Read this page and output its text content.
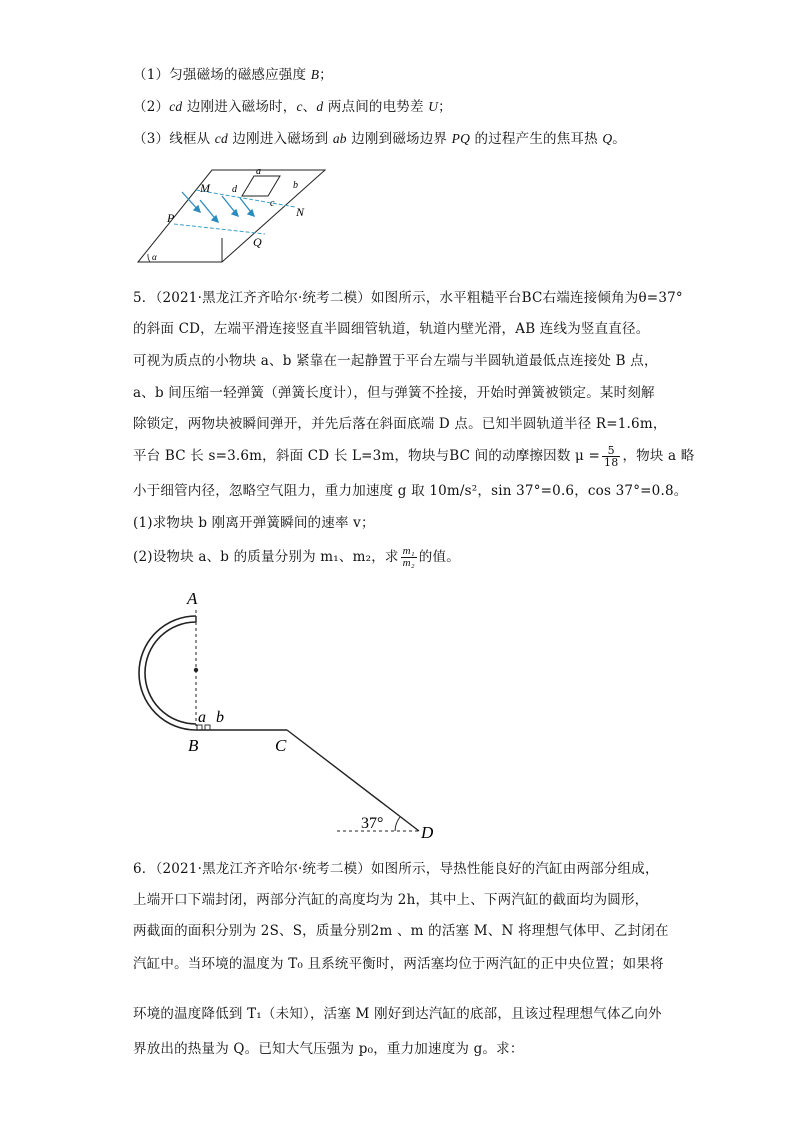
（1）匀强磁场的磁感应强度 B；
（2）cd 边刚进入磁场时，c、d 两点间的电势差 U；
（3）线框从 cd 边刚进入磁场到 ab 边刚到磁场边界 PQ 的过程产生的焦耳热 Q。
M
N
P
Q
a
b
c
d
α
5．（2021·黑龙江齐齐哈尔·统考二模）如图所示，水平粗糙平台BC右端连接倾角为θ=37°
的斜面 CD，左端平滑连接竖直半圆细管轨道，轨道内壁光滑，AB 连线为竖直直径。
可视为质点的小物块 a、b 紧靠在一起静置于平台左端与半圆轨道最低点连接处 B 点，
a、b 间压缩一轻弹簧（弹簧长度计），但与弹簧不拴接，开始时弹簧被锁定。某时刻解
除锁定，两物块被瞬间弹开，并先后落在斜面底端 D 点。已知半圆轨道半径 R=1.6m，
平台 BC 长 s=3.6m，斜面 CD 长 L=3m，物块与BC 间的动摩擦因数 $\mu = \frac{5}{18}$ ，物块 a 略
小于细管内径，忽略空气阻力，重力加速度 g 取 10m/s²，sin 37°=0.6，cos 37°=0.8。
(1)求物块 b 刚离开弹簧瞬间的速率 v；
(2)设物块 a、b 的质量分别为 m₁、m₂，求 $\frac{\text{m₁}}{\text{m₂}}$ 的值。
A
B	C
D
a b
37°
6．（2021·黑龙江齐齐哈尔·统考二模）如图所示，导热性能良好的汽缸由两部分组成，
上端开口下端封闭，两部分汽缸的高度均为 2h，其中上、下两汽缸的截面均为圆形，
两截面的面积分别为 2S、S，质量分别2m 、m 的活塞 M、N 将理想气体甲、乙封闭在
汽缸中。当环境的温度为 T₀ 且系统平衡时，两活塞均位于两汽缸的正中央位置；如果将
环境的温度降低到 T₁（未知），活塞 M 刚好到达汽缸的底部，且该过程理想气体乙向外
界放出的热量为 Q。已知大气压强为 p₀，重力加速度为 g。求：
